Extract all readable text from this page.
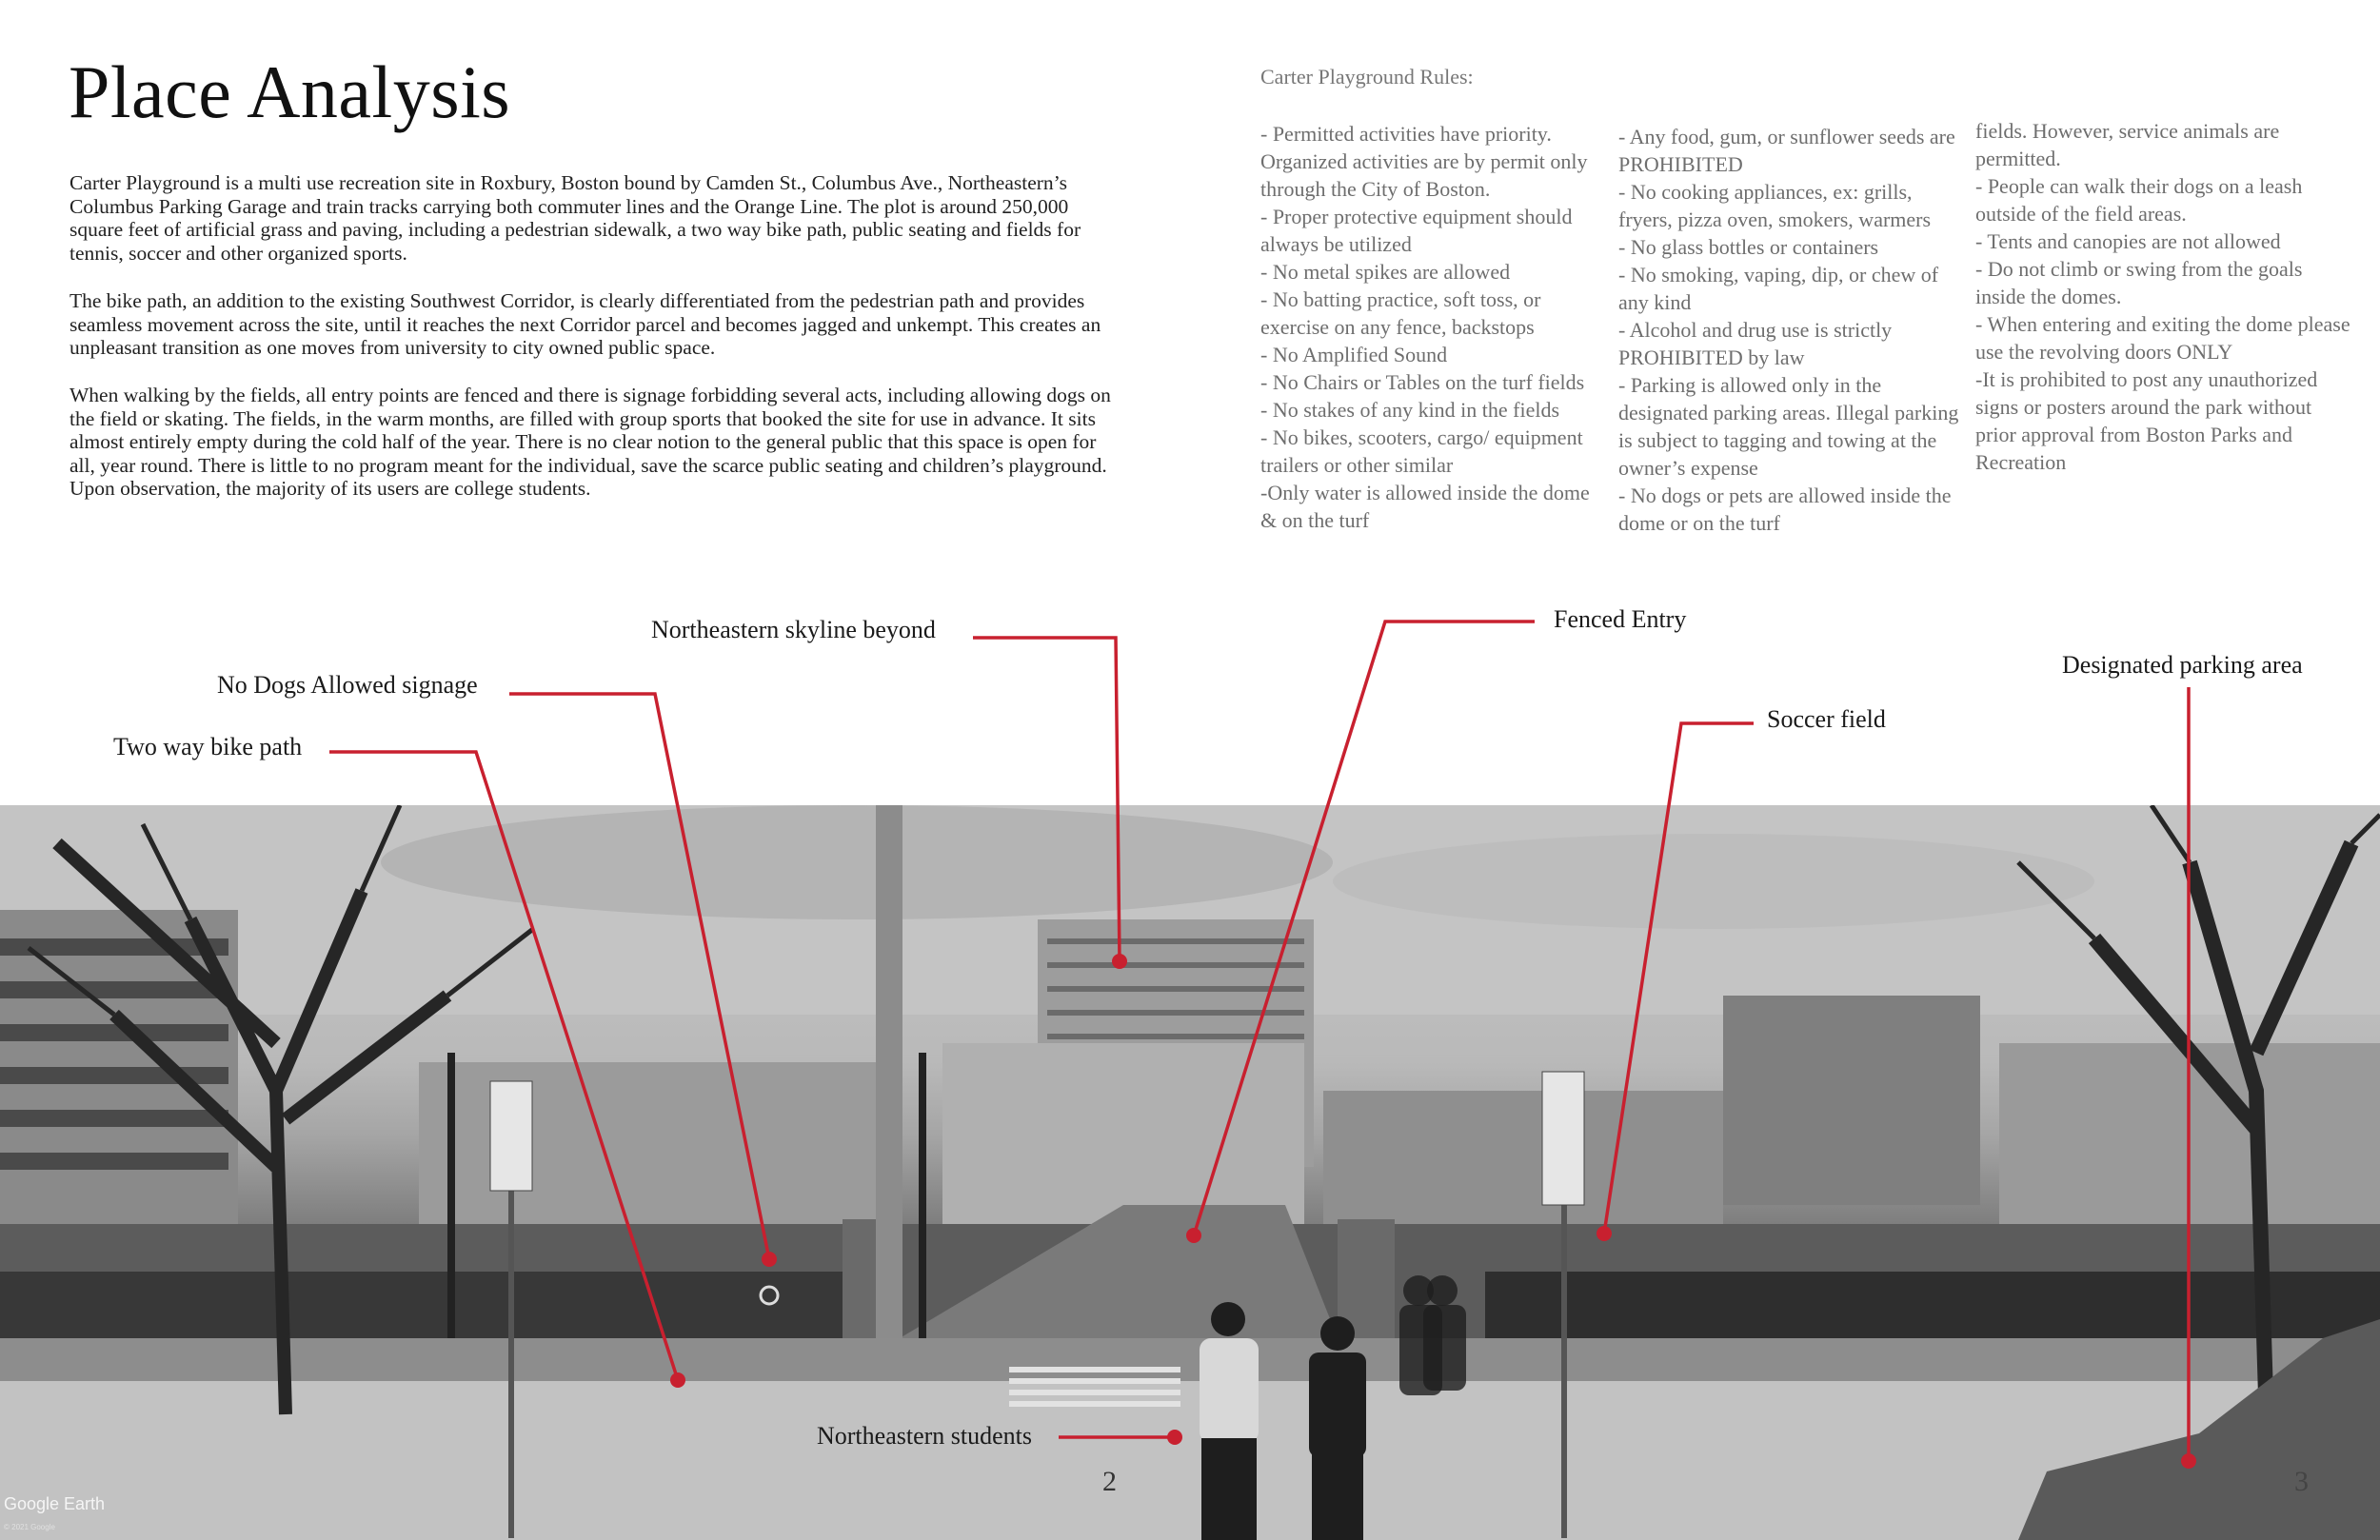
Place Analysis

Carter Playground is a multi use recreation site in Roxbury, Boston bound by Camden St., Columbus Ave., Northeastern’s Columbus Parking Garage and train tracks carrying both commuter lines and the Orange Line. The plot is around 250,000 square feet of artificial grass and paving, including a pedestrian sidewalk, a two way bike path, public seating and fields for tennis, soccer and other organized sports.

The bike path, an addition to the existing Southwest Corridor, is clearly differentiated from the pedestrian path and provides seamless movement across the site, until it reaches the next Corridor parcel and becomes jagged and unkempt. This creates an unpleasant transition as one moves from university to city owned public space.

When walking by the fields, all entry points are fenced and there is signage forbidding several acts, including allowing dogs on the field or skating. The fields, in the warm months, are filled with group sports that booked the site for use in advance. It sits almost entirely empty during the cold half of the year. There is no clear notion to the general public that this space is open for all, year round. There is little to no program meant for the individual, save the scarce public seating and children’s playground. Upon observation, the majority of its users are college students.

Carter Playground Rules:
- Permitted activities have priority. Organized activities are by permit only through the City of Boston.
- Proper protective equipment should always be utilized
- No metal spikes are allowed
- No batting practice, soft toss, or exercise on any fence, backstops
- No Amplified Sound
- No Chairs or Tables on the turf fields
- No stakes of any kind in the fields
- No bikes, scooters, cargo/ equipment trailers or other similar
-Only water is allowed inside the dome & on the turf
- Any food, gum, or sunflower seeds are PROHIBITED
- No cooking appliances, ex: grills, fryers, pizza oven, smokers, warmers
- No glass bottles or containers
- No smoking, vaping, dip, or chew of any kind
- Alcohol and drug use is strictly PROHIBITED by law
- Parking is allowed only in the designated parking areas. Illegal parking is subject to tagging and towing at the owner’s expense
- No dogs or pets are allowed inside the dome or on the turf
fields. However, service animals are permitted.
- People can walk their dogs on a leash outside of the field areas.
- Tents and canopies are not allowed
- Do not climb or swing from the goals inside the domes.
- When entering and exiting the dome please use the revolving doors ONLY
-It is prohibited to post any unauthorized signs or posters around the park without prior approval from Boston Parks and Recreation
Google Earth
© 2021 Google
Northeastern skyline beyond	Fenced Entry
No Dogs Allowed signage
Two way bike path
Soccer field
Designated parking area
Northeastern students
2	3
